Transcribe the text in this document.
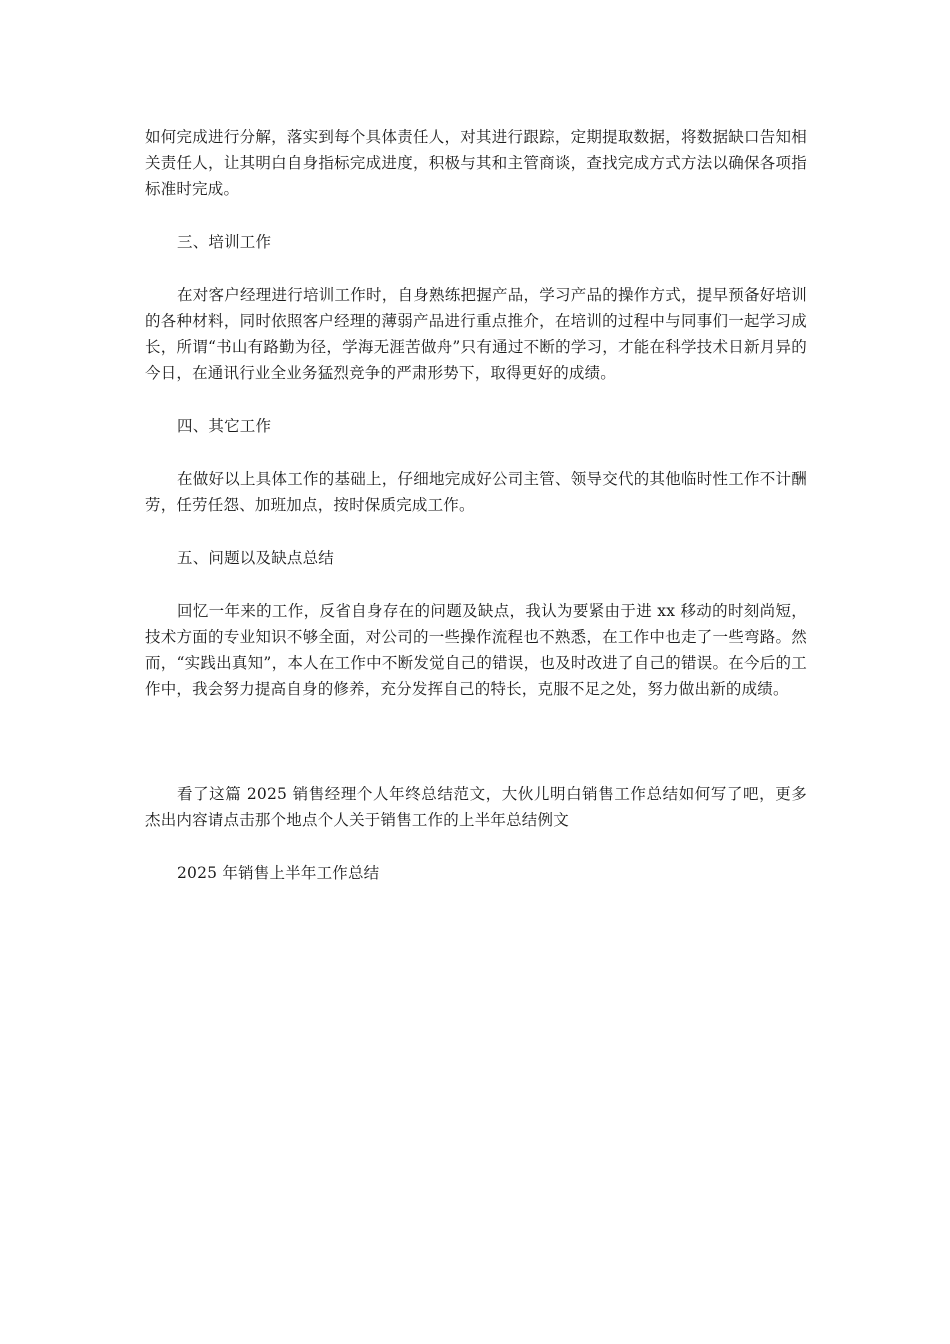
如何完成进行分解，落实到每个具体责任人，对其进行跟踪，定期提取数据，将数据缺口告知相关责任人，让其明白自身指标完成进度，积极与其和主管商谈，查找完成方式方法以确保各项指标准时完成。

三、培训工作

在对客户经理进行培训工作时，自身熟练把握产品，学习产品的操作方式，提早预备好培训的各种材料，同时依照客户经理的薄弱产品进行重点推介，在培训的过程中与同事们一起学习成长，所谓“书山有路勤为径，学海无涯苦做舟”只有通过不断的学习，才能在科学技术日新月异的今日，在通讯行业全业务猛烈竞争的严肃形势下，取得更好的成绩。

四、其它工作

在做好以上具体工作的基础上，仔细地完成好公司主管、领导交代的其他临时性工作不计酬劳，任劳任怨、加班加点，按时保质完成工作。

五、问题以及缺点总结

回忆一年来的工作，反省自身存在的问题及缺点，我认为要紧由于进 xx 移动的时刻尚短，技术方面的专业知识不够全面，对公司的一些操作流程也不熟悉，在工作中也走了一些弯路。然而，“实践出真知”，本人在工作中不断发觉自己的错误，也及时改进了自己的错误。在今后的工作中，我会努力提高自身的修养，充分发挥自己的特长，克服不足之处，努力做出新的成绩。

看了这篇 2025 销售经理个人年终总结范文，大伙儿明白销售工作总结如何写了吧，更多杰出内容请点击那个地点个人关于销售工作的上半年总结例文

2025 年销售上半年工作总结
